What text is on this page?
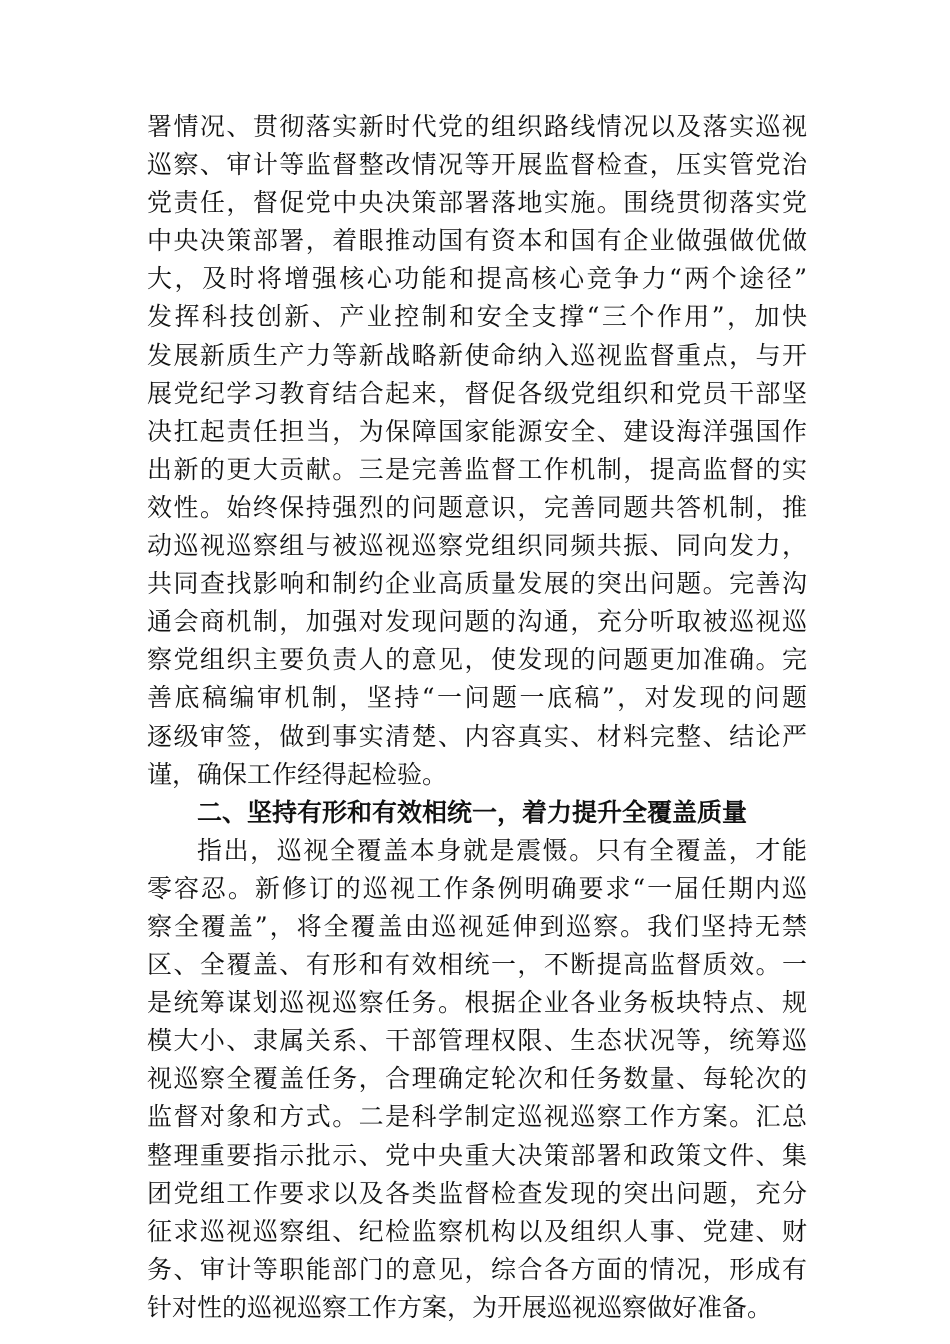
署情况、贯彻落实新时代党的组织路线情况以及落实巡视
巡察、审计等监督整改情况等开展监督检查，压实管党治
党责任，督促党中央决策部署落地实施。围绕贯彻落实党
中央决策部署，着眼推动国有资本和国有企业做强做优做
大，及时将增强核心功能和提高核心竞争力“两个途径”
发挥科技创新、产业控制和安全支撑“三个作用”，加快
发展新质生产力等新战略新使命纳入巡视监督重点，与开
展党纪学习教育结合起来，督促各级党组织和党员干部坚
决扛起责任担当，为保障国家能源安全、建设海洋强国作
出新的更大贡献。三是完善监督工作机制，提高监督的实
效性。始终保持强烈的问题意识，完善同题共答机制，推
动巡视巡察组与被巡视巡察党组织同频共振、同向发力，
共同查找影响和制约企业高质量发展的突出问题。完善沟
通会商机制，加强对发现问题的沟通，充分听取被巡视巡
察党组织主要负责人的意见，使发现的问题更加准确。完
善底稿编审机制，坚持“一问题一底稿”，对发现的问题
逐级审签，做到事实清楚、内容真实、材料完整、结论严
谨，确保工作经得起检验。
二、坚持有形和有效相统一，着力提升全覆盖质量
指出，巡视全覆盖本身就是震慑。只有全覆盖，才能
零容忍。新修订的巡视工作条例明确要求“一届任期内巡
察全覆盖”，将全覆盖由巡视延伸到巡察。我们坚持无禁
区、全覆盖、有形和有效相统一，不断提高监督质效。一
是统筹谋划巡视巡察任务。根据企业各业务板块特点、规
模大小、隶属关系、干部管理权限、生态状况等，统筹巡
视巡察全覆盖任务，合理确定轮次和任务数量、每轮次的
监督对象和方式。二是科学制定巡视巡察工作方案。汇总
整理重要指示批示、党中央重大决策部署和政策文件、集
团党组工作要求以及各类监督检查发现的突出问题，充分
征求巡视巡察组、纪检监察机构以及组织人事、党建、财
务、审计等职能部门的意见，综合各方面的情况，形成有
针对性的巡视巡察工作方案，为开展巡视巡察做好准备。
